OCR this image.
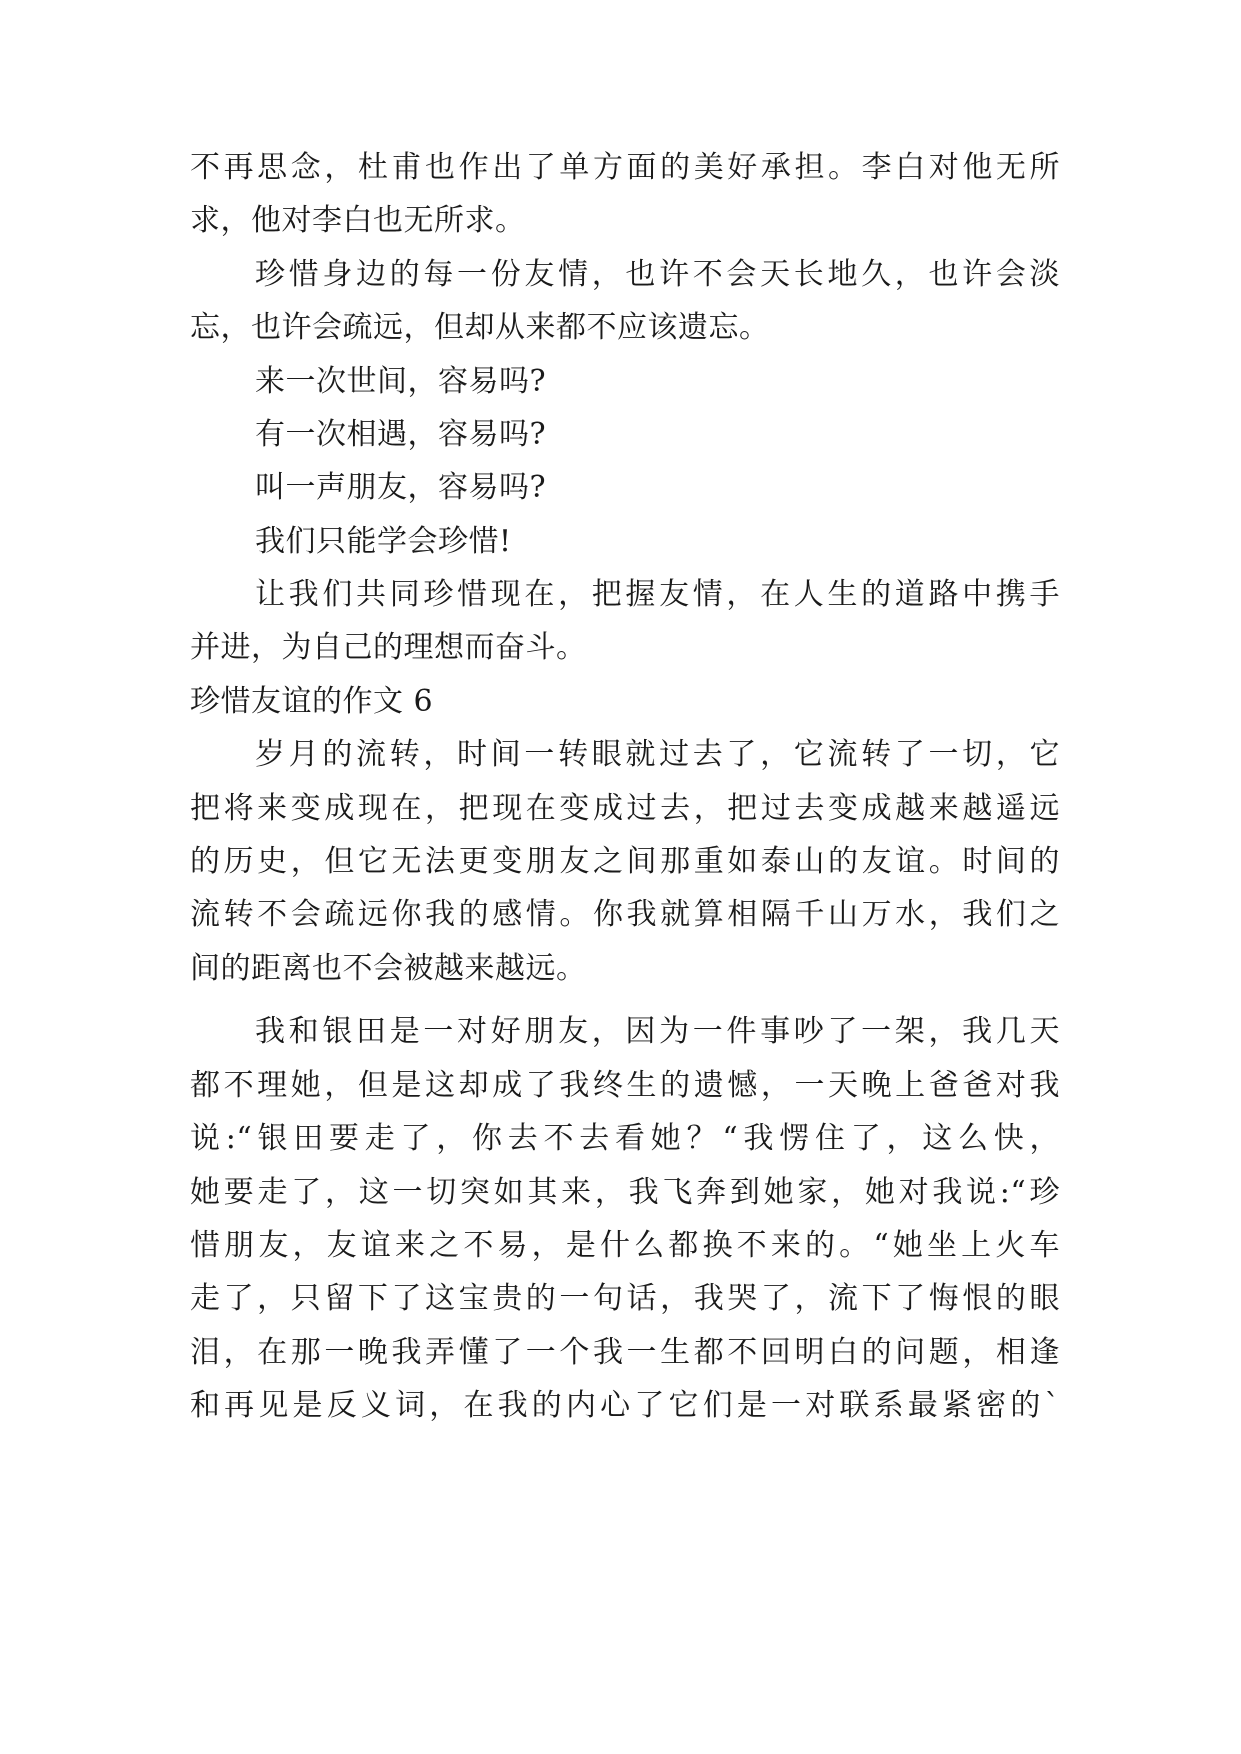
不再思念，杜甫也作出了单方面的美好承担。李白对他无所
求，他对李白也无所求。
珍惜身边的每一份友情，也许不会天长地久，也许会淡
忘，也许会疏远，但却从来都不应该遗忘。
来一次世间，容易吗?
有一次相遇，容易吗?
叫一声朋友，容易吗?
我们只能学会珍惜!
让我们共同珍惜现在，把握友情，在人生的道路中携手
并进，为自己的理想而奋斗。
珍惜友谊的作文 6
岁月的流转，时间一转眼就过去了，它流转了一切，它
把将来变成现在，把现在变成过去，把过去变成越来越遥远
的历史，但它无法更变朋友之间那重如泰山的友谊。时间的
流转不会疏远你我的感情。你我就算相隔千山万水，我们之
间的距离也不会被越来越远。
我和银田是一对好朋友，因为一件事吵了一架，我几天
都不理她，但是这却成了我终生的遗憾，一天晚上爸爸对我
说:“银田要走了，你去不去看她？“我愣住了，这么快，
她要走了，这一切突如其来，我飞奔到她家，她对我说:“珍
惜朋友，友谊来之不易，是什么都换不来的。“她坐上火车
走了，只留下了这宝贵的一句话，我哭了，流下了悔恨的眼
泪，在那一晚我弄懂了一个我一生都不回明白的问题，相逢
和再见是反义词，在我的内心了它们是一对联系最紧密的`
